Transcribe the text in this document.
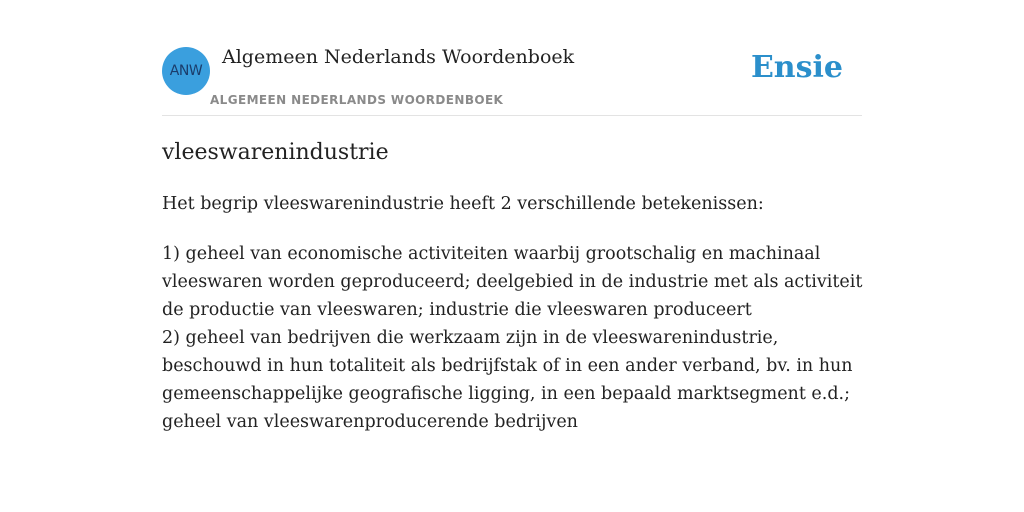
ANW
Algemeen Nederlands Woordenboek
ALGEMEEN NEDERLANDS WOORDENBOEK
Ensie
vleeswarenindustrie
Het begrip vleeswarenindustrie heeft 2 verschillende betekenissen:

1) geheel van economische activiteiten waarbij grootschalig en machinaal vleeswaren worden geproduceerd; deelgebied in de industrie met als activiteit de productie van vleeswaren; industrie die vleeswaren produceert

2) geheel van bedrijven die werkzaam zijn in de vleeswarenindustrie, beschouwd in hun totaliteit als bedrijfstak of in een ander verband, bv. in hun gemeenschappelijke geografische ligging, in een bepaald marktsegment e.d.; geheel van vleeswarenproducerende bedrijven
